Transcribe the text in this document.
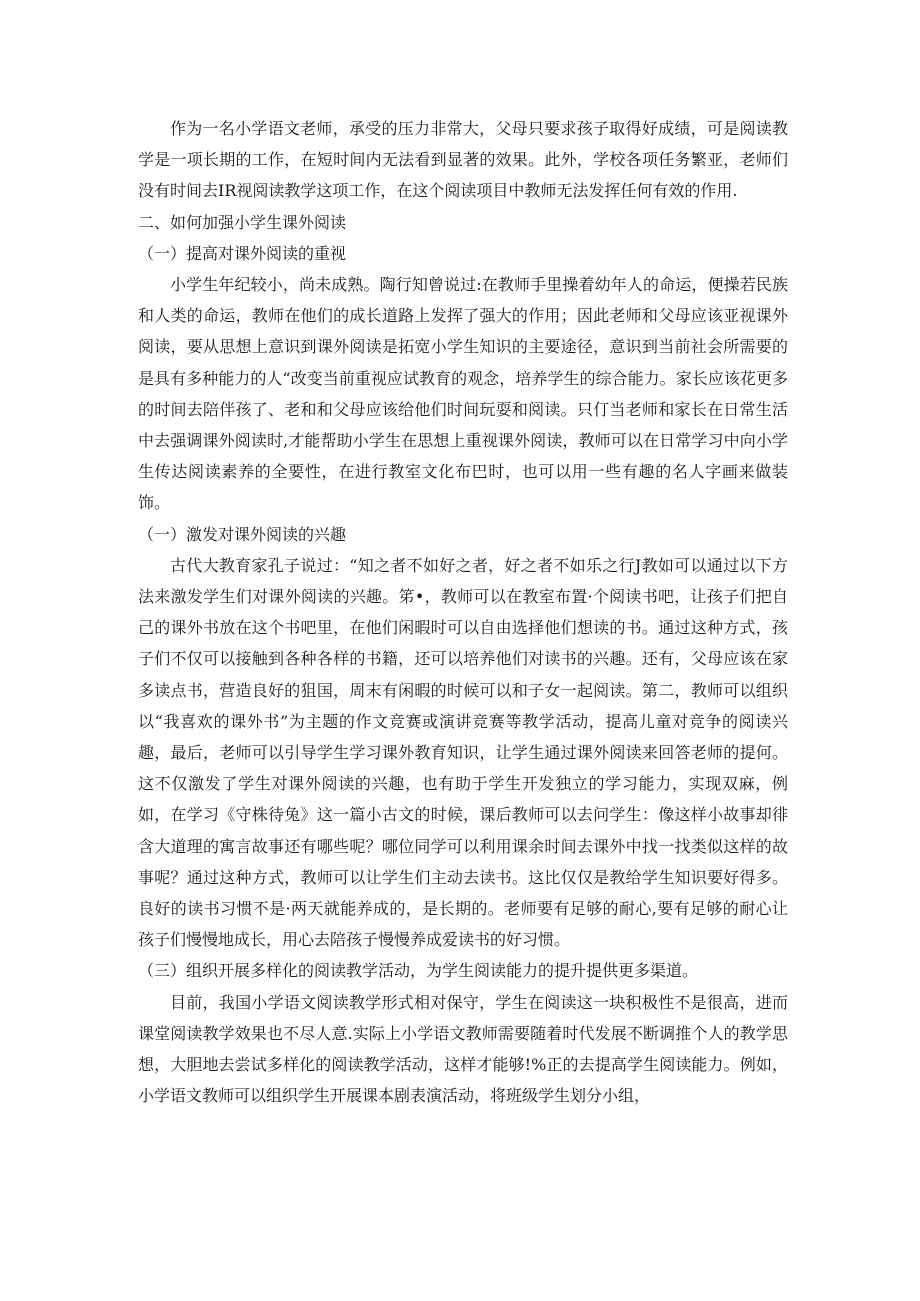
作为一名小学语文老师，承受的压力非常大，父母只要求孩子取得好成绩，可是阅读教学是一项长期的工作，在短时间内无法看到显著的效果。此外，学校各项任务繁亚，老师们没有时间去IR视阅读教学这项工作，在这个阅读项目中教师无法发挥任何有效的作用.

二、如何加强小学生课外阅读

（一）提高对课外阅读的重视

小学生年纪较小，尚未成熟。陶行知曾说过:在教师手里操着幼年人的命运，便操若民族和人类的命运，教师在他们的成长道路上发挥了强大的作用；因此老师和父母应该亚视课外阅读，要从思想上意识到课外阅读是拓宽小学生知识的主要途径，意识到当前社会所需要的是具有多种能力的人“改变当前重视应试教育的观念，培养学生的综合能力。家长应该花更多的时间去陪伴孩了、老和和父母应该给他们时间玩耍和阅读。只仃当老师和家长在日常生活中去强调课外阅读时,才能帮助小学生在思想上重视课外阅读，教师可以在日常学习中向小学生传达阅读素养的全要性，在进行教室文化布巴时，也可以用一些有趣的名人字画来做装饰。

（一）激发对课外阅读的兴趣

古代大教育家孔子说过：“知之者不如好之者，好之者不如乐之行J教如可以通过以下方法来激发学生们对课外阅读的兴趣。笫•，教师可以在教室布置·个阅读书吧，让孩子们把自己的课外书放在这个书吧里，在他们闲暇时可以自由选择他们想读的书。通过这种方式，孩子们不仅可以接触到各种各样的书籍，还可以培养他们对读书的兴趣。还有，父母应该在家多读点书，营造良好的狙国，周末有闲暇的时候可以和子女一起阅读。第二，教师可以组织以“我喜欢的课外书”为主题的作文竞赛或演讲竞赛等教学活动，提高儿童对竞争的阅读兴趣，最后，老师可以引导学生学习课外教育知识，让学生通过课外阅读来回答老师的提何。这不仅激发了学生对课外阅读的兴趣，也有助于学生开发独立的学习能力，实现双麻，例如，在学习《守株待兔》这一篇小古文的时候，课后教师可以去问学生：像这样小故事却徘含大道理的寓言故事还有哪些呢？哪位同学可以利用课余时间去课外中找一找类似这样的故事呢？通过这种方式，教师可以让学生们主动去读书。这比仅仅是教给学生知识要好得多。良好的读书习惯不是·两天就能养成的，是长期的。老师要有足够的耐心,要有足够的耐心让孩子们慢慢地成长，用心去陪孩子慢慢养成爱读书的好习惯。

（三）组织开展多样化的阅读教学活动，为学生阅读能力的提升提供更多渠道。

目前，我国小学语文阅读教学形式相对保守，学生在阅读这一块积极性不是很高，进而课堂阅读教学效果也不尽人意.实际上小学语文教师需要随着时代发展不断调推个人的教学思想，大胆地去尝试多样化的阅读教学活动，这样才能够!%正的去提高学生阅读能力。例如，小学语文教师可以组织学生开展课本剧表演活动，将班级学生划分小组，
